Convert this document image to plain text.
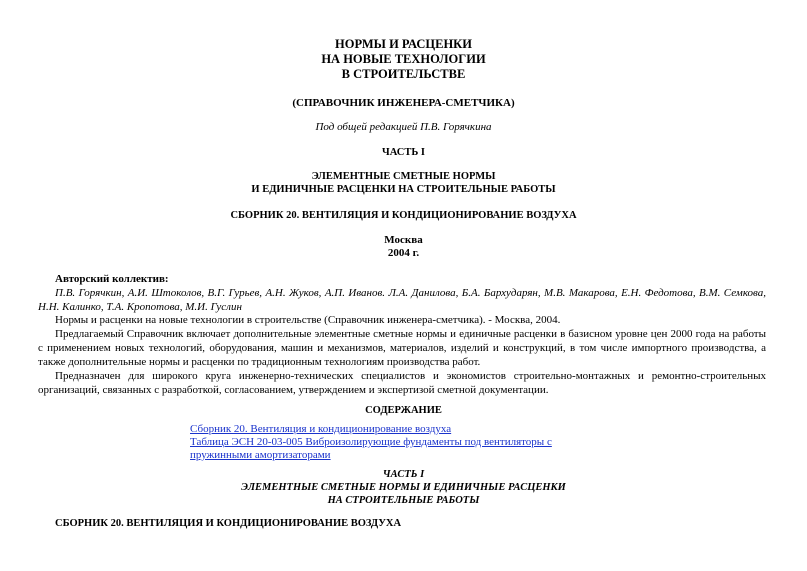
НОРМЫ И РАСЦЕНКИ
НА НОВЫЕ ТЕХНОЛОГИИ
В СТРОИТЕЛЬСТВЕ
(СПРАВОЧНИК ИНЖЕНЕРА-СМЕТЧИКА)
Под общей редакцией П.В. Горячкина
ЧАСТЬ I
ЭЛЕМЕНТНЫЕ СМЕТНЫЕ НОРМЫ
И ЕДИНИЧНЫЕ РАСЦЕНКИ НА СТРОИТЕЛЬНЫЕ РАБОТЫ
СБОРНИК 20. ВЕНТИЛЯЦИЯ И КОНДИЦИОНИРОВАНИЕ ВОЗДУХА
Москва
2004 г.
Авторский коллектив:
П.В. Горячкин, А.И. Штоколов, В.Г. Гурьев, А.Н. Жуков, А.П. Иванов. Л.А. Данилова, Б.А. Бархударян, М.В. Макарова, Е.Н. Федотова, В.М. Семкова, Н.Н. Калинко, Т.А. Кропотова, М.И. Гуслин
Нормы и расценки на новые технологии в строительстве (Справочник инженера-сметчика). - Москва, 2004.
Предлагаемый Справочник включает дополнительные элементные сметные нормы и единичные расценки в базисном уровне цен 2000 года на работы с применением новых технологий, оборудования, машин и механизмов, материалов, изделий и конструкций, в том числе импортного производства, а также дополнительные нормы и расценки по традиционным технологиям производства работ.
Предназначен для широкого круга инженерно-технических специалистов и экономистов строительно-монтажных и ремонтно-строительных организаций, связанных с разработкой, согласованием, утверждением и экспертизой сметной документации.
СОДЕРЖАНИЕ
Сборник 20. Вентиляция и кондиционирование воздуха
Таблица ЭСН 20-03-005 Виброизолирующие фундаменты под вентиляторы с
пружинными амортизаторами
ЧАСТЬ I
ЭЛЕМЕНТНЫЕ СМЕТНЫЕ НОРМЫ И ЕДИНИЧНЫЕ РАСЦЕНКИ
НА СТРОИТЕЛЬНЫЕ РАБОТЫ
СБОРНИК 20. ВЕНТИЛЯЦИЯ И КОНДИЦИОНИРОВАНИЕ ВОЗДУХА
